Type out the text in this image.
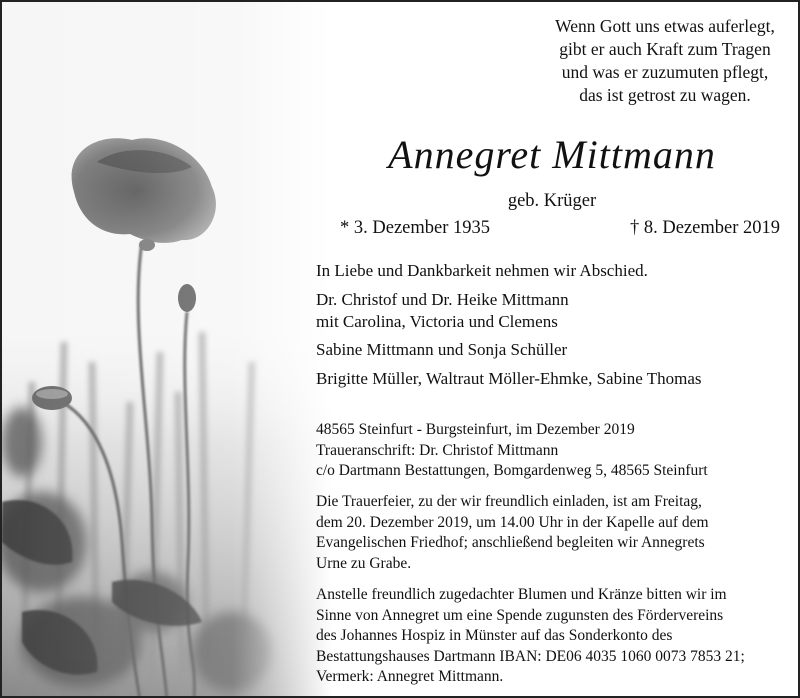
Wenn Gott uns etwas auferlegt,
gibt er auch Kraft zum Tragen
und was er zuzumuten pflegt,
das ist getrost zu wagen.
Annegret Mittmann
geb. Krüger
* 3. Dezember 1935	† 8. Dezember 2019
In Liebe und Dankbarkeit nehmen wir Abschied.
Dr. Christof und Dr. Heike Mittmann
mit Carolina, Victoria und Clemens
Sabine Mittmann und Sonja Schüller
Brigitte Müller, Waltraut Möller-Ehmke, Sabine Thomas
48565 Steinfurt - Burgsteinfurt, im Dezember 2019
Traueranschrift: Dr. Christof Mittmann
c/o Dartmann Bestattungen, Bomgardenweg 5, 48565 Steinfurt
Die Trauerfeier, zu der wir freundlich einladen, ist am Freitag,
dem 20. Dezember 2019, um 14.00 Uhr in der Kapelle auf dem
Evangelischen Friedhof; anschließend begleiten wir Annegrets
Urne zu Grabe.
Anstelle freundlich zugedachter Blumen und Kränze bitten wir im
Sinne von Annegret um eine Spende zugunsten des Fördervereins
des Johannes Hospiz in Münster auf das Sonderkonto des
Bestattungshauses Dartmann IBAN: DE06 4035 1060 0073 7853 21;
Vermerk: Annegret Mittmann.
